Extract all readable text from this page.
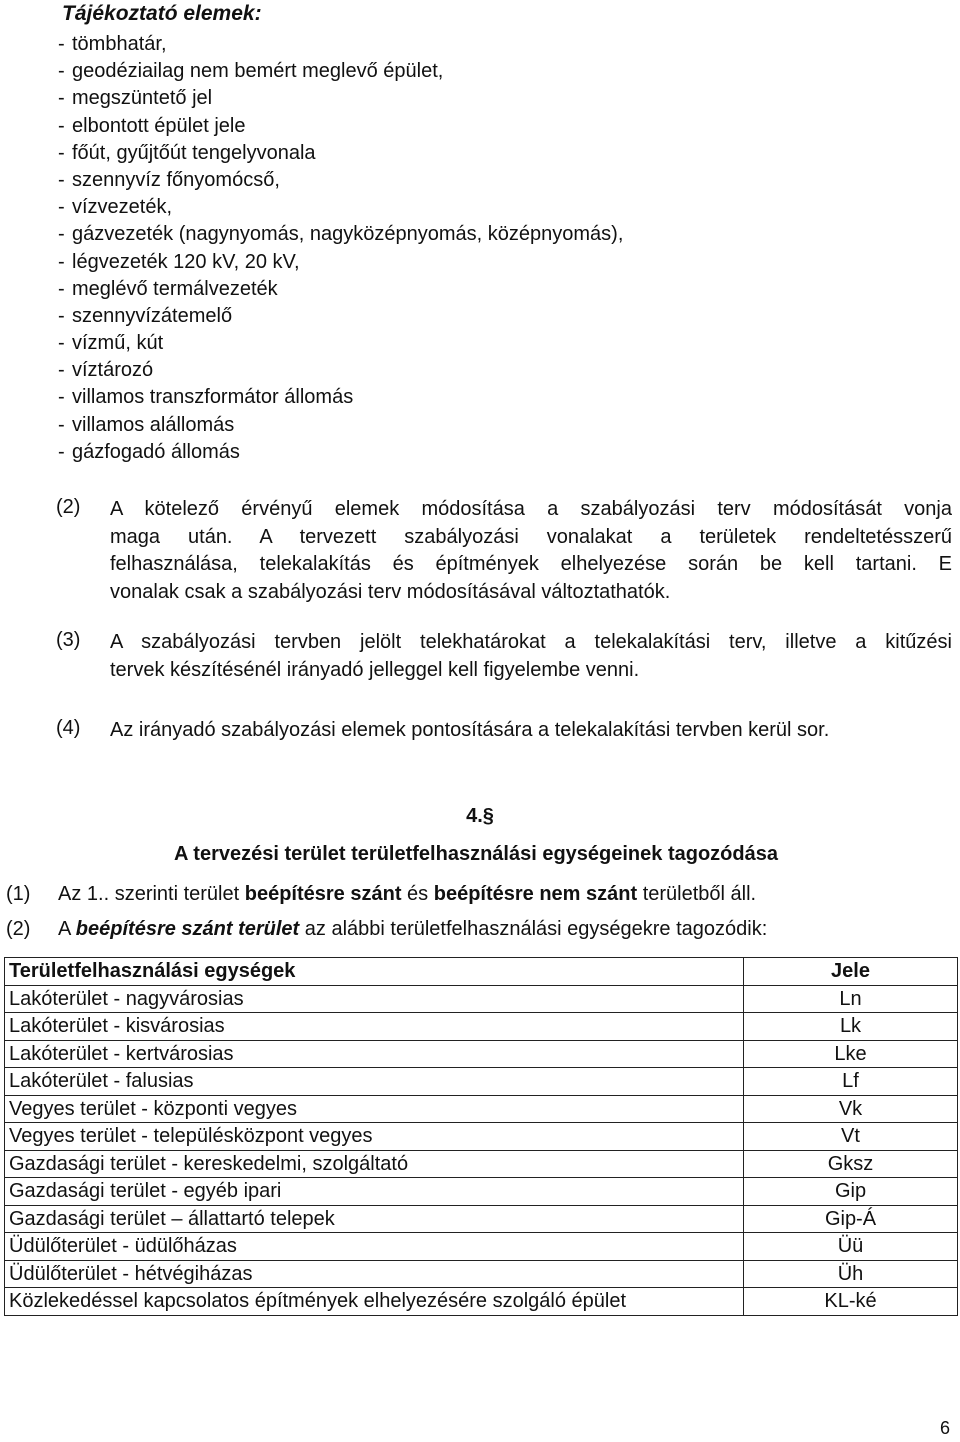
Tájékoztató elemek:

- tömbhatár,
- geodéziailag nem bemért meglevő épület,
- megszüntető jel
- elbontott épület jele
- főút, gyűjtőút tengelyvonala
- szennyvíz főnyomócső,
- vízvezeték,
- gázvezeték (nagynyomás, nagyközépnyomás, középnyomás),
- légvezeték 120 kV, 20 kV,
- meglévő termálvezeték
- szennyvízátemelő
- vízmű, kút
- víztározó
- villamos transzformátor állomás
- villamos alállomás
- gázfogadó állomás
(2) A kötelező érvényű elemek módosítása a szabályozási terv módosítását vonja
maga után. A tervezett szabályozási vonalakat a területek rendeltetésszerű
felhasználása, telekalakítás és építmények elhelyezése során be kell tartani. E
vonalak csak a szabályozási terv módosításával változtathatók.
(3) A szabályozási tervben jelölt telekhatárokat a telekalakítási terv, illetve a kitűzési
tervek készítésénél irányadó jelleggel kell figyelembe venni.
(4) Az irányadó szabályozási elemek pontosítására a telekalakítási tervben kerül sor.

4.§

A tervezési terület területfelhasználási egységeinek tagozódása

(1) Az 1.. szerinti terület beépítésre szánt és beépítésre nem szánt területből áll.

(2) A beépítésre szánt terület az alábbi területfelhasználási egységekre tagozódik:

Területfelhasználási egységek	Jele
Lakóterület - nagyvárosias	Ln
Lakóterület - kisvárosias	Lk
Lakóterület - kertvárosias	Lke
Lakóterület - falusias	Lf
Vegyes terület - központi vegyes	Vk
Vegyes terület - településközpont vegyes	Vt
Gazdasági terület - kereskedelmi, szolgáltató	Gksz
Gazdasági terület - egyéb ipari	Gip
Gazdasági terület – állattartó telepek	Gip-Á
Üdülőterület - üdülőházas	Üü
Üdülőterület - hétvégiházas	Üh
Közlekedéssel kapcsolatos építmények elhelyezésére szolgáló épület	KL-ké

6
